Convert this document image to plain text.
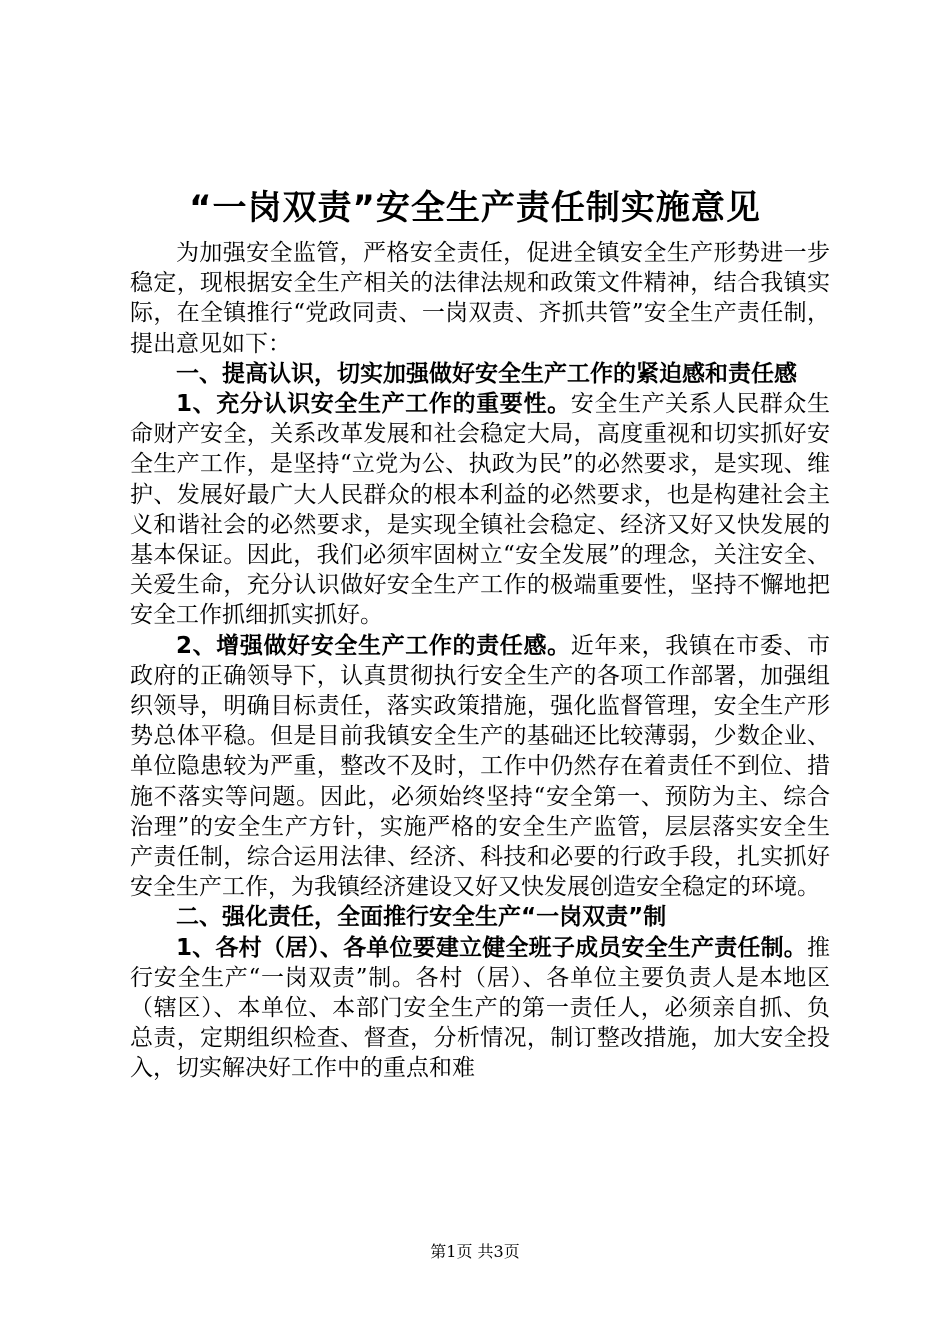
“一岗双责”安全生产责任制实施意见

为加强安全监管，严格安全责任，促进全镇安全生产形势进一步稳定，现根据安全生产相关的法律法规和政策文件精神，结合我镇实际，在全镇推行“党政同责、一岗双责、齐抓共管”安全生产责任制，提出意见如下：

一、提高认识，切实加强做好安全生产工作的紧迫感和责任感

1、充分认识安全生产工作的重要性。安全生产关系人民群众生命财产安全，关系改革发展和社会稳定大局，高度重视和切实抓好安全生产工作，是坚持“立党为公、执政为民”的必然要求，是实现、维护、发展好最广大人民群众的根本利益的必然要求，也是构建社会主义和谐社会的必然要求，是实现全镇社会稳定、经济又好又快发展的基本保证。因此，我们必须牢固树立“安全发展”的理念，关注安全、关爱生命，充分认识做好安全生产工作的极端重要性，坚持不懈地把安全工作抓细抓实抓好。

2、增强做好安全生产工作的责任感。近年来，我镇在市委、市政府的正确领导下，认真贯彻执行安全生产的各项工作部署，加强组织领导，明确目标责任，落实政策措施，强化监督管理，安全生产形势总体平稳。但是目前我镇安全生产的基础还比较薄弱，少数企业、单位隐患较为严重，整改不及时，工作中仍然存在着责任不到位、措施不落实等问题。因此，必须始终坚持“安全第一、预防为主、综合治理”的安全生产方针，实施严格的安全生产监管，层层落实安全生产责任制，综合运用法律、经济、科技和必要的行政手段，扎实抓好安全生产工作，为我镇经济建设又好又快发展创造安全稳定的环境。

二、强化责任，全面推行安全生产“一岗双责”制

1、各村（居）、各单位要建立健全班子成员安全生产责任制。推行安全生产“一岗双责”制。各村（居）、各单位主要负责人是本地区（辖区）、本单位、本部门安全生产的第一责任人，必须亲自抓、负总责，定期组织检查、督查，分析情况，制订整改措施，加大安全投入，切实解决好工作中的重点和难

第1页 共3页
